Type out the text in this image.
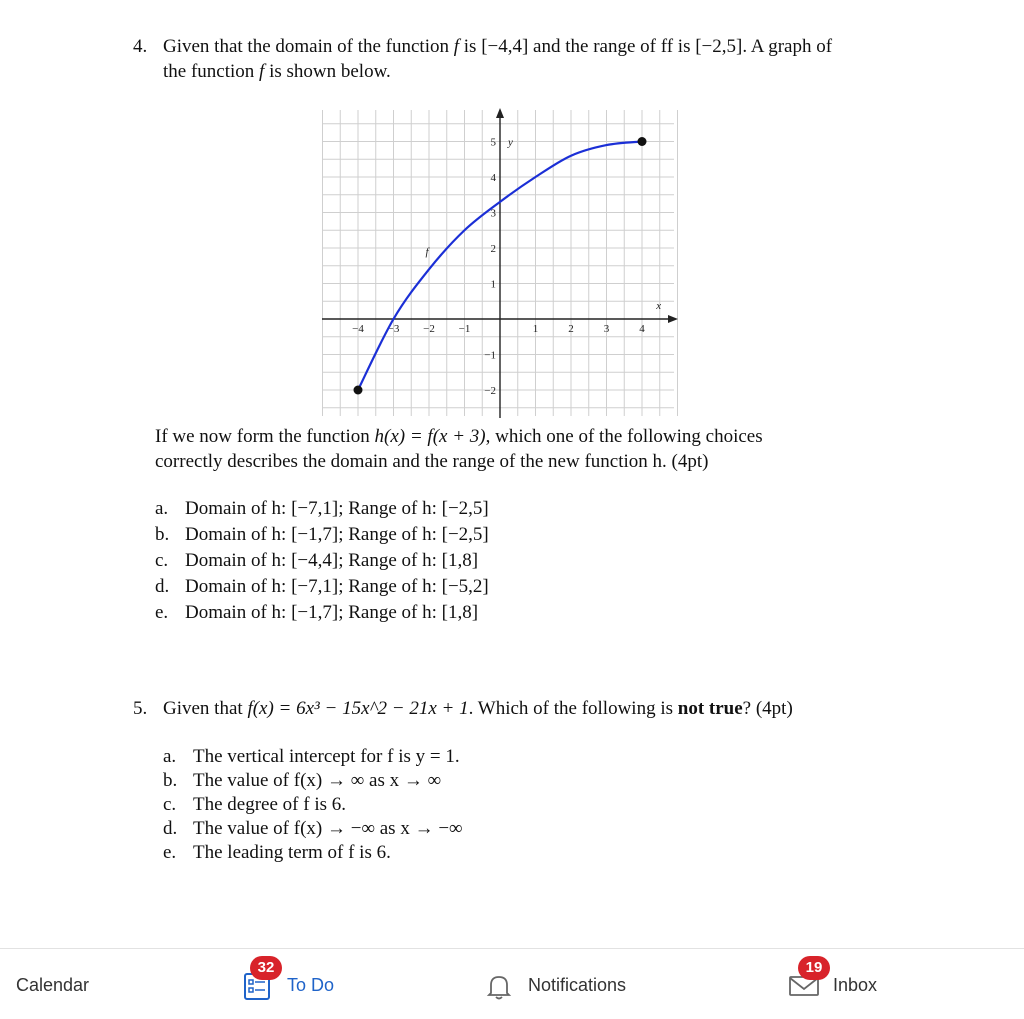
4. Given that the domain of the function f is [−4,4] and the range of ff is [−2,5]. A graph of
the function f is shown below.
−4 −3 −2 −1	1	2	3	4
5
4
3
2
1
−1
−2
x
y
f
If we now form the function h(x) = f(x + 3), which one of the following choices
correctly describes the domain and the range of the new function h. (4pt)
a. Domain of h: [−7,1]; Range of h: [−2,5]
b. Domain of h: [−1,7]; Range of h: [−2,5]
c. Domain of h: [−4,4]; Range of h: [1,8]
d. Domain of h: [−7,1]; Range of h: [−5,2]
e. Domain of h: [−1,7]; Range of h: [1,8]
5. Given that f(x) = 6x³ − 15x^2 − 21x + 1. Which of the following is not true? (4pt)
a. The vertical intercept for f is y = 1.
b. The value of f(x) → ∞ as x → ∞
c. The degree of f is 6.
d. The value of f(x) → −∞ as x → −∞
e. The leading term of f is 6.
Calendar
32
To Do	Notifications
19
Inbox
